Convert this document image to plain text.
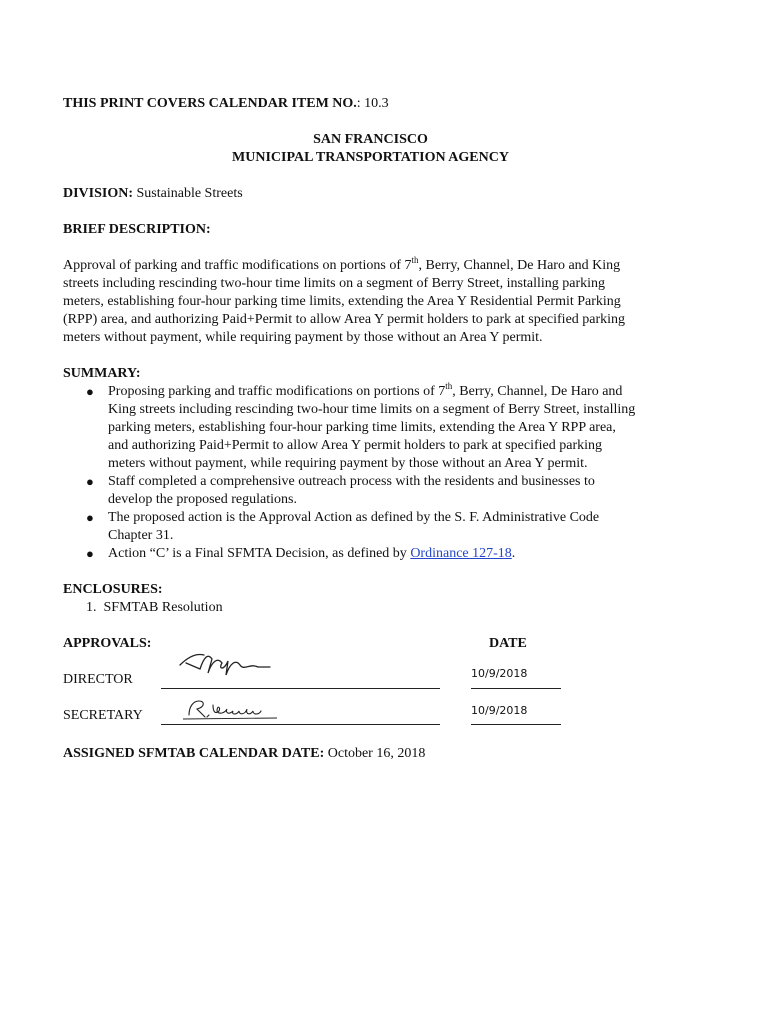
THIS PRINT COVERS CALENDAR ITEM NO.: 10.3
SAN FRANCISCO
MUNICIPAL TRANSPORTATION AGENCY
DIVISION: Sustainable Streets
BRIEF DESCRIPTION:
Approval of parking and traffic modifications on portions of 7th, Berry, Channel, De Haro and King
streets including rescinding two-hour time limits on a segment of Berry Street, installing parking
meters, establishing four-hour parking time limits, extending the Area Y Residential Permit Parking
(RPP) area, and authorizing Paid+Permit to allow Area Y permit holders to park at specified parking
meters without payment, while requiring payment by those without an Area Y permit.
SUMMARY:
● Proposing parking and traffic modifications on portions of 7th, Berry, Channel, De Haro and
King streets including rescinding two-hour time limits on a segment of Berry Street, installing
parking meters, establishing four-hour parking time limits, extending the Area Y RPP area,
and authorizing Paid+Permit to allow Area Y permit holders to park at specified parking
meters without payment, while requiring payment by those without an Area Y permit.
● Staff completed a comprehensive outreach process with the residents and businesses to
develop the proposed regulations.
● The proposed action is the Approval Action as defined by the S. F. Administrative Code
Chapter 31.
● Action “C’ is a Final SFMTA Decision, as defined by Ordinance 127-18.
ENCLOSURES:
1.  SFMTAB Resolution
APPROVALS:	DATE
DIRECTOR	10/9/2018
SECRETARY	10/9/2018
ASSIGNED SFMTAB CALENDAR DATE: October 16, 2018
